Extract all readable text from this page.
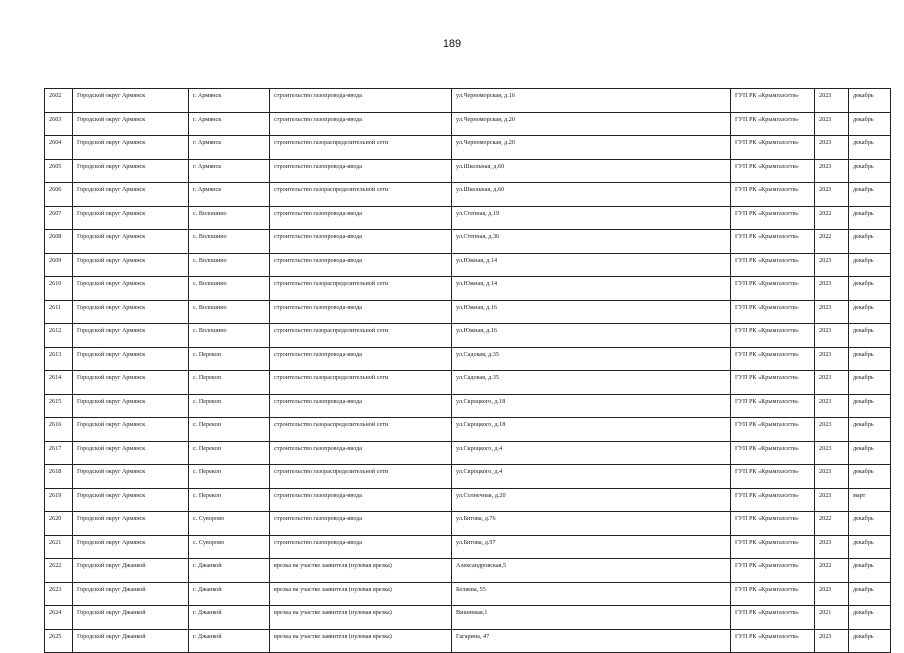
189
2602	Городской округ Армянск	г. Армянск	строительство газопровода-ввода	ул.Черноморская, д.16	ГУП РК «Крымгазсети»	2023	декабрь
2603	Городской округ Армянск	г. Армянск	строительство газопровода-ввода	ул.Черноморская, д.20	ГУП РК «Крымгазсети»	2023	декабрь
2604	Городской округ Армянск	г. Армянск	строительство газораспределительной сети	ул.Черноморская, д.20	ГУП РК «Крымгазсети»	2023	декабрь
2605	Городской округ Армянск	г. Армянск	строительство газопровода-ввода	ул.Школьная, д.60	ГУП РК «Крымгазсети»	2023	декабрь
2606	Городской округ Армянск	г. Армянск	строительство газораспределительной сети	ул.Школьная, д.60	ГУП РК «Крымгазсети»	2023	декабрь
2607	Городской округ Армянск	с. Волошино	строительство газопровода-ввода	ул.Степная, д.19	ГУП РК «Крымгазсети»	2022	декабрь
2608	Городской округ Армянск	с. Волошино	строительство газопровода-ввода	ул.Степная, д.36	ГУП РК «Крымгазсети»	2022	декабрь
2609	Городской округ Армянск	с. Волошино	строительство газопровода-ввода	ул.Южная, д.14	ГУП РК «Крымгазсети»	2023	декабрь
2610	Городской округ Армянск	с. Волошино	строительство газораспределительной сети	ул.Южная, д.14	ГУП РК «Крымгазсети»	2023	декабрь
2611	Городской округ Армянск	с. Волошино	строительство газопровода-ввода	ул.Южная, д.16	ГУП РК «Крымгазсети»	2023	декабрь
2612	Городской округ Армянск	с. Волошино	строительство газораспределительной сети	ул.Южная, д.16	ГУП РК «Крымгазсети»	2023	декабрь
2613	Городской округ Армянск	с. Перекоп	строительство газопровода-ввода	ул.Садовая, д.35	ГУП РК «Крымгазсети»	2023	декабрь
2614	Городской округ Армянск	с. Перекоп	строительство газораспределительной сети	ул.Садовая, д.35	ГУП РК «Крымгазсети»	2023	декабрь
2615	Городской округ Армянск	с. Перекоп	строительство газопровода-ввода	ул.Скроцкого, д.18	ГУП РК «Крымгазсети»	2023	декабрь
2616	Городской округ Армянск	с. Перекоп	строительство газораспределительной сети	ул.Скроцкого, д.18	ГУП РК «Крымгазсети»	2023	декабрь
2617	Городской округ Армянск	с. Перекоп	строительство газопровода-ввода	ул.Скроцкого, д.4	ГУП РК «Крымгазсети»	2023	декабрь
2618	Городской округ Армянск	с. Перекоп	строительство газораспределительной сети	ул.Скроцкого, д.4	ГУП РК «Крымгазсети»	2023	декабрь
2619	Городской округ Армянск	с. Перекоп	строительство газопровода-ввода	ул.Солнечная, д.20	ГУП РК «Крымгазсети»	2023	март
2620	Городской округ Армянск	с. Суворово	строительство газопровода-ввода	ул.Битова, д.76	ГУП РК «Крымгазсети»	2022	декабрь
2621	Городской округ Армянск	с. Суворово	строительство газопровода-ввода	ул.Битова, д.97	ГУП РК «Крымгазсети»	2023	декабрь
2622	Городской округ Джанкой	г. Джанкой	врезка на участке заявителя (нулевая врезка)	Александровская,5	ГУП РК «Крымгазсети»	2022	декабрь
2623	Городской округ Джанкой	г. Джанкой	врезка на участке заявителя (нулевая врезка)	Беляева, 55	ГУП РК «Крымгазсети»	2023	декабрь
2624	Городской округ Джанкой	г. Джанкой	врезка на участке заявителя (нулевая врезка)	Вишневая,1	ГУП РК «Крымгазсети»	2021	декабрь
2625	Городской округ Джанкой	г. Джанкой	врезка на участке заявителя (нулевая врезка)	Гагарина, 47	ГУП РК «Крымгазсети»	2023	декабрь
